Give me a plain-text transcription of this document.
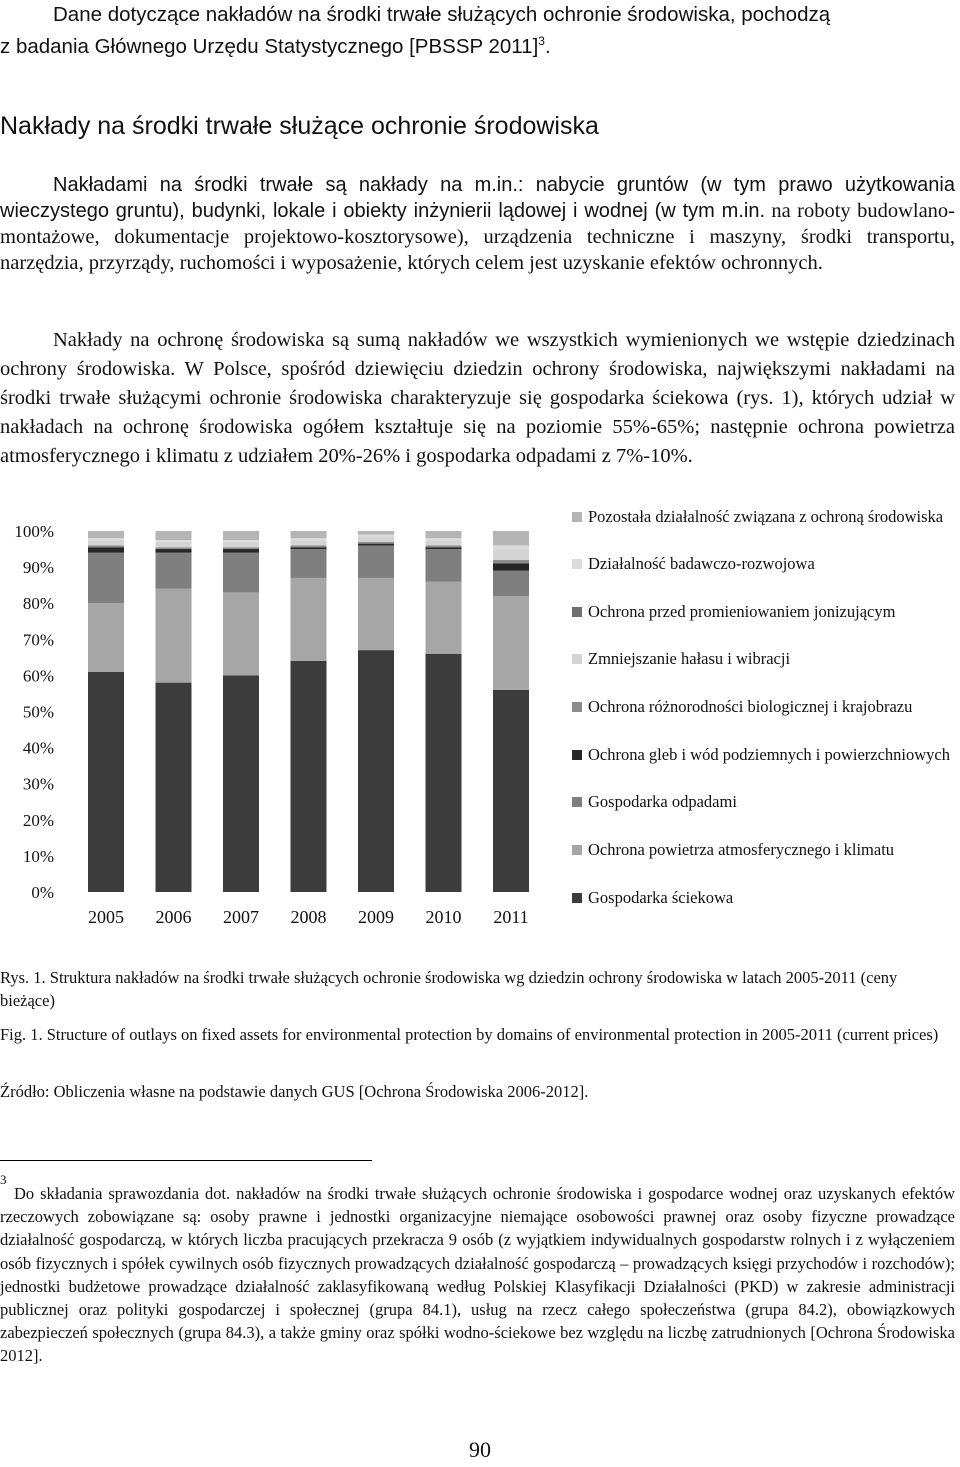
Dane dotyczące nakładów na środki trwałe służących ochronie środowiska, pochodzą
z badania Głównego Urzędu Statystycznego [PBSSP 2011]$^3$.
Nakłady na środki trwałe służące ochronie środowiska
Nakładami na środki trwałe są nakłady na m.in.: nabycie gruntów (w tym prawo użytkowania wieczystego gruntu), budynki, lokale i obiekty inżynierii lądowej i wodnej (w tym m.in. na roboty budowlano-montażowe, dokumentacje projektowo-kosztorysowe), urządzenia techniczne i maszyny, środki transportu, narzędzia, przyrządy, ruchomości i wyposażenie, których celem jest uzyskanie efektów ochronnych.
Nakłady na ochronę środowiska są sumą nakładów we wszystkich wymienionych we wstępie dziedzinach ochrony środowiska. W Polsce, spośród dziewięciu dziedzin ochrony środowiska, największymi nakładami na środki trwałe służącymi ochronie środowiska charakteryzuje się gospodarka ściekowa (rys. 1), których udział w nakładach na ochronę środowiska ogółem kształtuje się na poziomie 55%-65%; następnie ochrona powietrza atmosferycznego i klimatu z udziałem 20%-26% i gospodarka odpadami z 7%-10%.
0%
10%
20%
30%
40%
50%
60%
70%
80%
90%
100%
2005 2006 2007 2008 2009 2010 2011
Pozostała działalność związana z ochroną środowiska
Działalność badawczo-rozwojowa
Ochrona przed promieniowaniem jonizującym
Zmniejszanie hałasu i wibracji
Ochrona różnorodności biologicznej i krajobrazu
Ochrona gleb i wód podziemnych i powierzchniowych
Gospodarka odpadami
Ochrona powietrza atmosferycznego i klimatu
Gospodarka ściekowa
Rys. 1. Struktura nakładów na środki trwałe służących ochronie środowiska wg dziedzin ochrony środowiska w latach 2005-2011 (ceny bieżące)
Fig. 1. Structure of outlays on fixed assets for environmental protection by domains of environmental protection in 2005-2011 (current prices)
Źródło: Obliczenia własne na podstawie danych GUS [Ochrona Środowiska 2006-2012].
3
Do składania sprawozdania dot. nakładów na środki trwałe służących ochronie środowiska i gospodarce wodnej oraz uzyskanych efektów rzeczowych zobowiązane są: osoby prawne i jednostki organizacyjne niemające osobowości prawnej oraz osoby fizyczne prowadzące działalność gospodarczą, w których liczba pracujących przekracza 9 osób (z wyjątkiem indywidualnych gospodarstw rolnych i z wyłączeniem osób fizycznych i spółek cywilnych osób fizycznych prowadzących działalność gospodarczą – prowadzących księgi przychodów i rozchodów); jednostki budżetowe prowadzące działalność zaklasyfikowaną według Polskiej Klasyfikacji Działalności (PKD) w zakresie administracji publicznej oraz polityki gospodarczej i społecznej (grupa 84.1), usług na rzecz całego społeczeństwa (grupa 84.2), obowiązkowych zabezpieczeń społecznych (grupa 84.3), a także gminy oraz spółki wodno-ściekowe bez względu na liczbę zatrudnionych [Ochrona Środowiska 2012].
90
